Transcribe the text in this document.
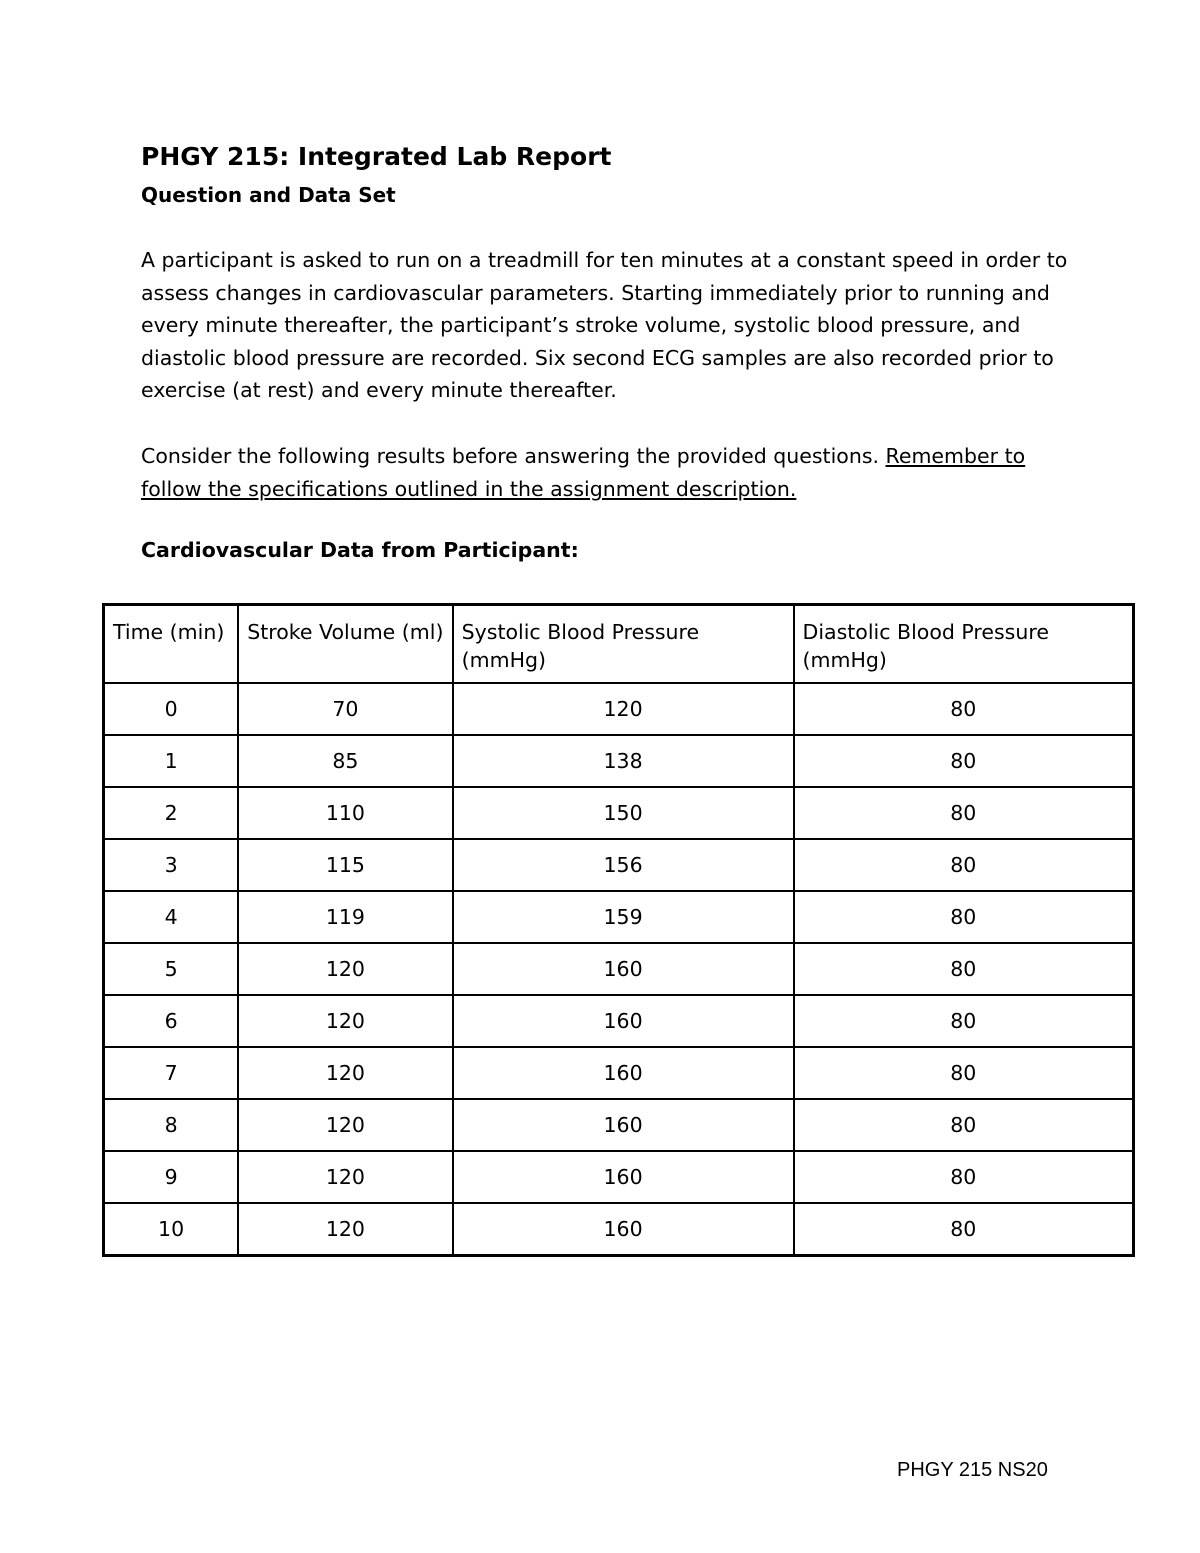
PHGY 215: Integrated Lab Report
Question and Data Set

A participant is asked to run on a treadmill for ten minutes at a constant speed in order to assess changes in cardiovascular parameters. Starting immediately prior to running and every minute thereafter, the participant’s stroke volume, systolic blood pressure, and diastolic blood pressure are recorded. Six second ECG samples are also recorded prior to exercise (at rest) and every minute thereafter.

Consider the following results before answering the provided questions. Remember to follow the specifications outlined in the assignment description.

Cardiovascular Data from Participant:
Time (min)	Stroke Volume (ml)	Systolic Blood Pressure (mmHg)	Diastolic Blood Pressure (mmHg)
0	70	120	80
1	85	138	80
2	110	150	80
3	115	156	80
4	119	159	80
5	120	160	80
6	120	160	80
7	120	160	80
8	120	160	80
9	120	160	80
10	120	160	80

PHGY 215 NS20
